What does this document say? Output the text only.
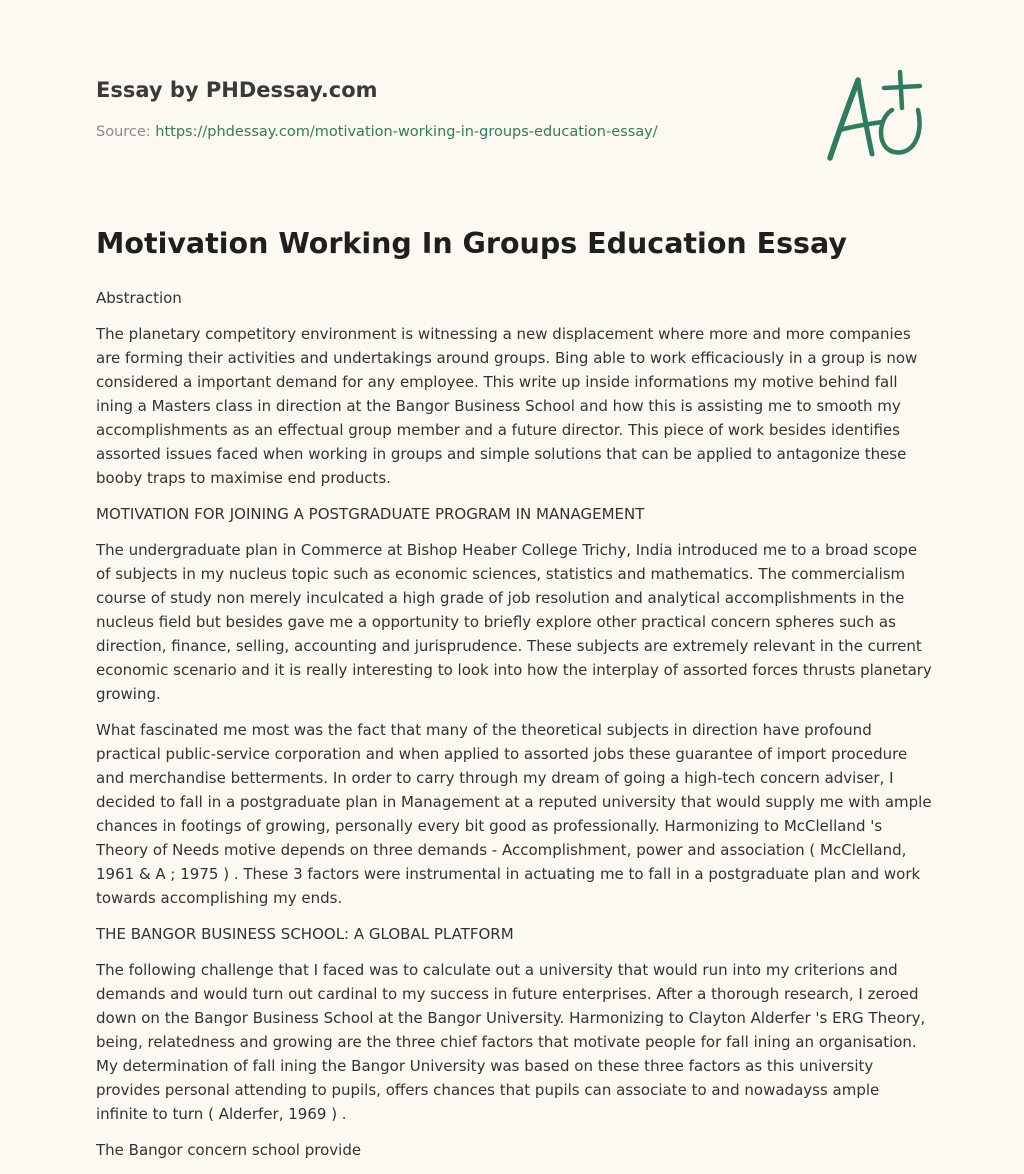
Essay by PHDessay.com
Source: https://phdessay.com/motivation-working-in-groups-education-essay/
Motivation Working In Groups Education Essay

Abstraction

The planetary competitory environment is witnessing a new displacement where more and more companies are forming their activities and undertakings around groups. Bing able to work efficaciously in a group is now considered a important demand for any employee. This write up inside informations my motive behind fall ining a Masters class in direction at the Bangor Business School and how this is assisting me to smooth my accomplishments as an effectual group member and a future director. This piece of work besides identifies assorted issues faced when working in groups and simple solutions that can be applied to antagonize these booby traps to maximise end products.

MOTIVATION FOR JOINING A POSTGRADUATE PROGRAM IN MANAGEMENT

The undergraduate plan in Commerce at Bishop Heaber College Trichy, India introduced me to a broad scope of subjects in my nucleus topic such as economic sciences, statistics and mathematics. The commercialism course of study non merely inculcated a high grade of job resolution and analytical accomplishments in the nucleus field but besides gave me a opportunity to briefly explore other practical concern spheres such as direction, finance, selling, accounting and jurisprudence. These subjects are extremely relevant in the current economic scenario and it is really interesting to look into how the interplay of assorted forces thrusts planetary growing.

What fascinated me most was the fact that many of the theoretical subjects in direction have profound practical public-service corporation and when applied to assorted jobs these guarantee of import procedure and merchandise betterments. In order to carry through my dream of going a high-tech concern adviser, I decided to fall in a postgraduate plan in Management at a reputed university that would supply me with ample chances in footings of growing, personally every bit good as professionally. Harmonizing to McClelland 's Theory of Needs motive depends on three demands - Accomplishment, power and association ( McClelland, 1961 & A ; 1975 ) . These 3 factors were instrumental in actuating me to fall in a postgraduate plan and work towards accomplishing my ends.

THE BANGOR BUSINESS SCHOOL: A GLOBAL PLATFORM

The following challenge that I faced was to calculate out a university that would run into my criterions and demands and would turn out cardinal to my success in future enterprises. After a thorough research, I zeroed down on the Bangor Business School at the Bangor University. Harmonizing to Clayton Alderfer 's ERG Theory, being, relatedness and growing are the three chief factors that motivate people for fall ining an organisation. My determination of fall ining the Bangor University was based on these three factors as this university provides personal attending to pupils, offers chances that pupils can associate to and nowadayss ample infinite to turn ( Alderfer, 1969 ) .

The Bangor concern school provide
